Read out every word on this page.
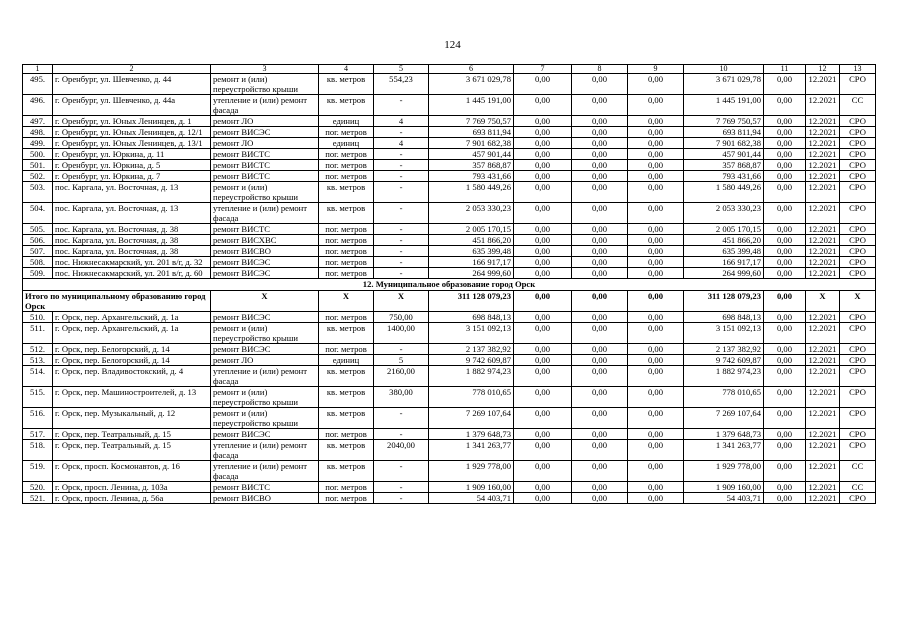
124
1	2	3	4	5	6	7	8	9	10	11	12	13
495.	г. Оренбург, ул. Шевченко, д. 44	ремонт и (или) переустройство крыши	кв. метров	554,23	3 671 029,78	0,00	0,00	0,00	3 671 029,78	0,00	12.2021	СРО
496.	г. Оренбург, ул. Шевченко, д. 44а	утепление и (или) ремонт фасада	кв. метров	-	1 445 191,00	0,00	0,00	0,00	1 445 191,00	0,00	12.2021	СС
497.	г. Оренбург, ул. Юных Ленинцев, д. 1	ремонт ЛО	единиц	4	7 769 750,57	0,00	0,00	0,00	7 769 750,57	0,00	12.2021	СРО
498.	г. Оренбург, ул. Юных Ленинцев, д. 12/1	ремонт ВИСЭС	пог. метров	-	693 811,94	0,00	0,00	0,00	693 811,94	0,00	12.2021	СРО
499.	г. Оренбург, ул. Юных Ленинцев, д. 13/1	ремонт ЛО	единиц	4	7 901 682,38	0,00	0,00	0,00	7 901 682,38	0,00	12.2021	СРО
500.	г. Оренбург, ул. Юркина, д. 11	ремонт ВИСТС	пог. метров	-	457 901,44	0,00	0,00	0,00	457 901,44	0,00	12.2021	СРО
501.	г. Оренбург, ул. Юркина, д. 5	ремонт ВИСТС	пог. метров	-	357 868,87	0,00	0,00	0,00	357 868,87	0,00	12.2021	СРО
502.	г. Оренбург, ул. Юркина, д. 7	ремонт ВИСТС	пог. метров	-	793 431,66	0,00	0,00	0,00	793 431,66	0,00	12.2021	СРО
503.	пос. Каргала, ул. Восточная, д. 13	ремонт и (или) переустройство крыши	кв. метров	-	1 580 449,26	0,00	0,00	0,00	1 580 449,26	0,00	12.2021	СРО
504.	пос. Каргала, ул. Восточная, д. 13	утепление и (или) ремонт фасада	кв. метров	-	2 053 330,23	0,00	0,00	0,00	2 053 330,23	0,00	12.2021	СРО
505.	пос. Каргала, ул. Восточная, д. 38	ремонт ВИСТС	пог. метров	-	2 005 170,15	0,00	0,00	0,00	2 005 170,15	0,00	12.2021	СРО
506.	пос. Каргала, ул. Восточная, д. 38	ремонт ВИСХВС	пог. метров	-	451 866,20	0,00	0,00	0,00	451 866,20	0,00	12.2021	СРО
507.	пос. Каргала, ул. Восточная, д. 38	ремонт ВИСВО	пог. метров	-	635 399,48	0,00	0,00	0,00	635 399,48	0,00	12.2021	СРО
508.	пос. Нижнесакмарский, ул. 201 в/г, д. 32	ремонт ВИСЭС	пог. метров	-	166 917,17	0,00	0,00	0,00	166 917,17	0,00	12.2021	СРО
509.	пос. Нижнесакмарский, ул. 201 в/г, д. 60	ремонт ВИСЭС	пог. метров	-	264 999,60	0,00	0,00	0,00	264 999,60	0,00	12.2021	СРО
12. Муниципальное образование город Орск												
Итого по муниципальному образованию город Орск		X	X	X	311 128 079,23	0,00	0,00	0,00	311 128 079,23	0,00	X	X
510.	г. Орск, пер. Архангельский, д. 1а	ремонт ВИСЭС	пог. метров	750,00	698 848,13	0,00	0,00	0,00	698 848,13	0,00	12.2021	СРО
511.	г. Орск, пер. Архангельский, д. 1а	ремонт и (или) переустройство крыши	кв. метров	1400,00	3 151 092,13	0,00	0,00	0,00	3 151 092,13	0,00	12.2021	СРО
512.	г. Орск, пер. Белогорский, д. 14	ремонт ВИСЭС	пог. метров	-	2 137 382,92	0,00	0,00	0,00	2 137 382,92	0,00	12.2021	СРО
513.	г. Орск, пер. Белогорский, д. 14	ремонт ЛО	единиц	5	9 742 609,87	0,00	0,00	0,00	9 742 609,87	0,00	12.2021	СРО
514.	г. Орск, пер. Владивостокский, д. 4	утепление и (или) ремонт фасада	кв. метров	2160,00	1 882 974,23	0,00	0,00	0,00	1 882 974,23	0,00	12.2021	СРО
515.	г. Орск, пер. Машиностроителей, д. 13	ремонт и (или) переустройство крыши	кв. метров	380,00	778 010,65	0,00	0,00	0,00	778 010,65	0,00	12.2021	СРО
516.	г. Орск, пер. Музыкальный, д. 12	ремонт и (или) переустройство крыши	кв. метров	-	7 269 107,64	0,00	0,00	0,00	7 269 107,64	0,00	12.2021	СРО
517.	г. Орск, пер. Театральный, д. 15	ремонт ВИСЭС	пог. метров	-	1 379 648,73	0,00	0,00	0,00	1 379 648,73	0,00	12.2021	СРО
518.	г. Орск, пер. Театральный, д. 15	утепление и (или) ремонт фасада	кв. метров	2040,00	1 341 263,77	0,00	0,00	0,00	1 341 263,77	0,00	12.2021	СРО
519.	г. Орск, просп. Космонавтов, д. 16	утепление и (или) ремонт фасада	кв. метров	-	1 929 778,00	0,00	0,00	0,00	1 929 778,00	0,00	12.2021	СС
520.	г. Орск, просп. Ленина, д. 103а	ремонт ВИСТС	пог. метров	-	1 909 160,00	0,00	0,00	0,00	1 909 160,00	0,00	12.2021	СС
521.	г. Орск, просп. Ленина, д. 56а	ремонт ВИСВО	пог. метров	-	54 403,71	0,00	0,00	0,00	54 403,71	0,00	12.2021	СРО
